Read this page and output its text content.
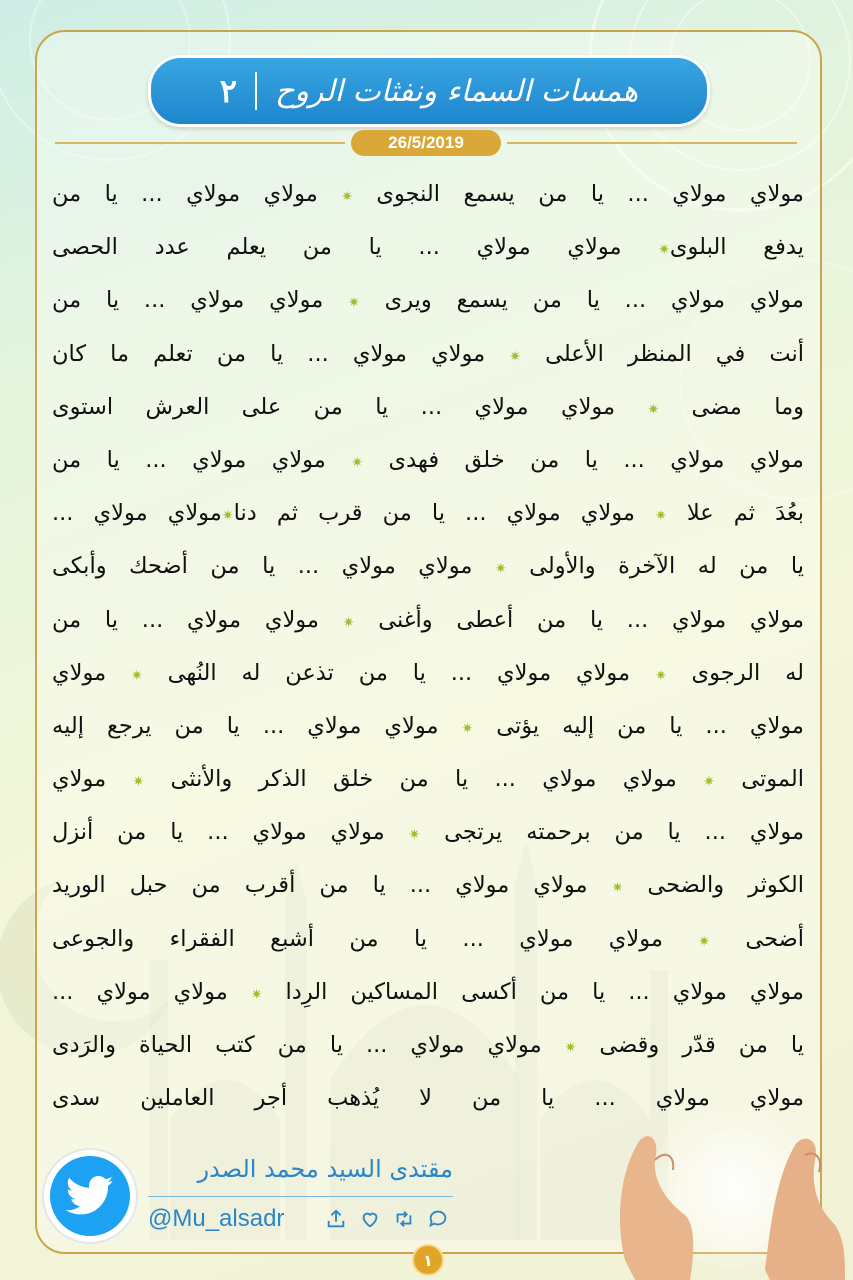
همسات السماء ونفثات الروح
٢
26/5/2019
مولاي مولاي ... يا من يسمع النجوى ✷ مولاي مولاي ... يا من
يدفع البلوى✷ مولاي مولاي ... يا من يعلم عدد الحصى
مولاي مولاي ... يا من يسمع ويرى ✷ مولاي مولاي ... يا من
أنت في المنظر الأعلى ✷ مولاي مولاي ... يا من تعلم ما كان
وما مضى ✷ مولاي مولاي ... يا من على العرش استوى
مولاي مولاي ... يا من خلق فهدى ✷ مولاي مولاي ... يا من
بعُدَ ثم علا ✷ مولاي مولاي ... يا من قرب ثم دنا✷مولاي مولاي ...
يا من له الآخرة والأولى ✷ مولاي مولاي ... يا من أضحك وأبكى
مولاي مولاي ... يا من أعطى وأغنى ✷ مولاي مولاي ... يا من
له الرجوى ✷ مولاي مولاي ... يا من تذعن له النُهى ✷ مولاي
مولاي ... يا من إليه يؤتى ✷ مولاي مولاي ... يا من يرجع إليه
الموتى ✷ مولاي مولاي ... يا من خلق الذكر والأنثى ✷ مولاي
مولاي ... يا من برحمته يرتجى ✷ مولاي مولاي ... يا من أنزل
الكوثر والضحى ✷ مولاي مولاي ... يا من أقرب من حبل الوريد
أضحى ✷ مولاي مولاي ... يا من أشبع الفقراء والجوعى
مولاي مولاي ... يا من أكسى المساكين الرِدا ✷ مولاي مولاي ...
يا من قدّر وقضى ✷ مولاي مولاي ... يا من كتب الحياة والرَدى
مولاي مولاي ... يا من لا يُذهب أجر العاملين سدى
مقتدى السيد محمد الصدر
@Mu_alsadr
١
